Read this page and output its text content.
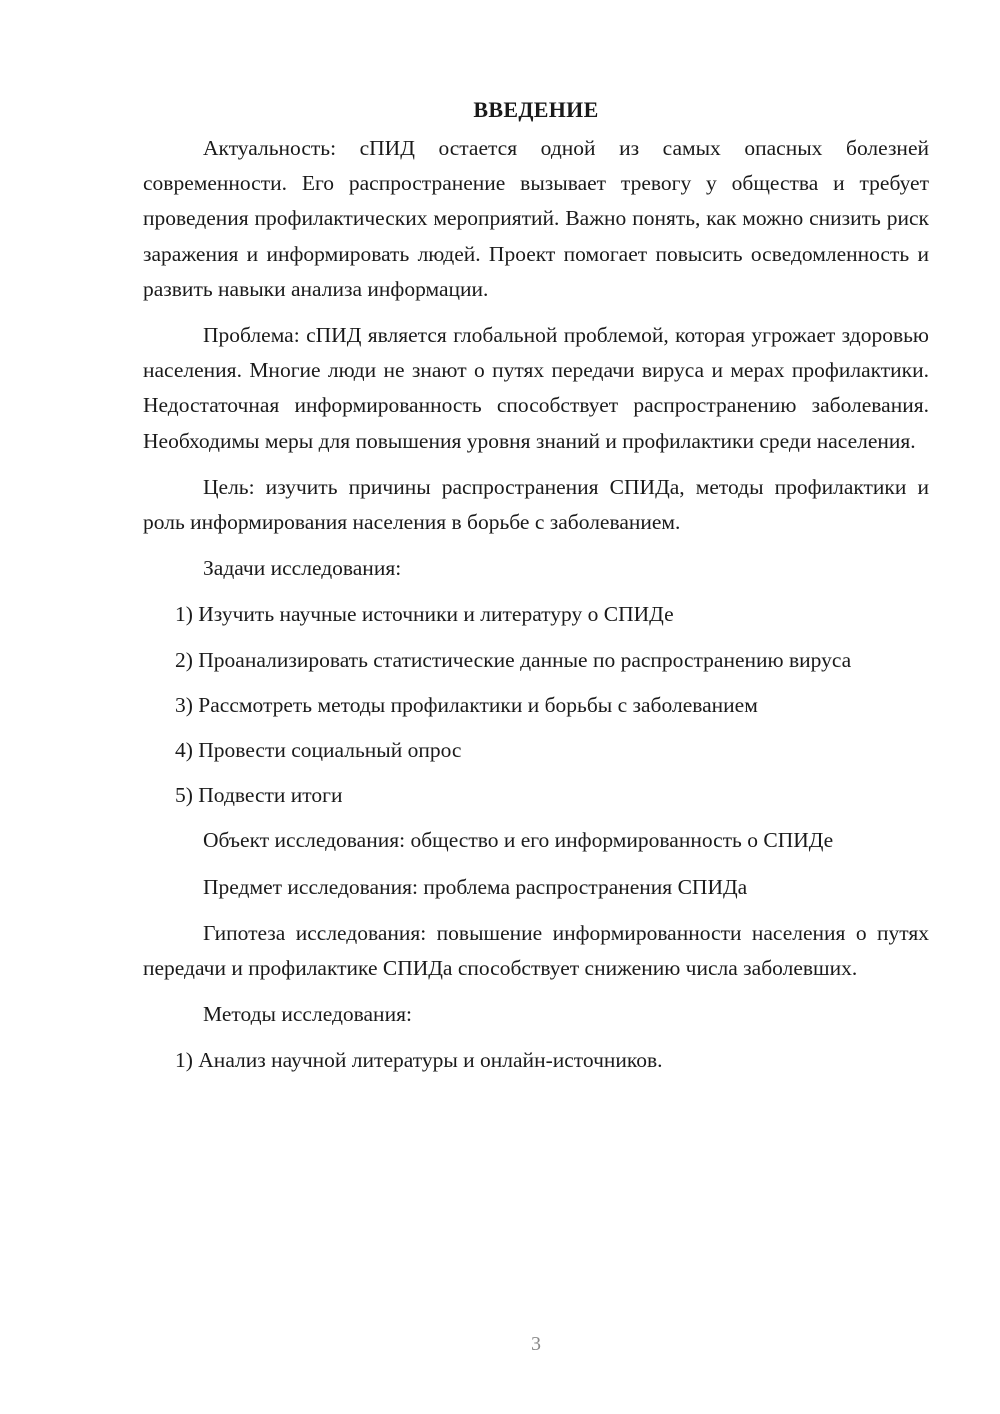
ВВЕДЕНИЕ

Актуальность: сПИД остается одной из самых опасных болезней современности. Его распространение вызывает тревогу у общества и требует проведения профилактических мероприятий. Важно понять, как можно снизить риск заражения и информировать людей. Проект помогает повысить осведомленность и развить навыки анализа информации.

Проблема: сПИД является глобальной проблемой, которая угрожает здоровью населения. Многие люди не знают о путях передачи вируса и мерах профилактики. Недостаточная информированность способствует распространению заболевания. Необходимы меры для повышения уровня знаний и профилактики среди населения.

Цель: изучить причины распространения СПИДа, методы профилактики и роль информирования населения в борьбе с заболеванием.

Задачи исследования:

1) Изучить научные источники и литературу о СПИДе

2) Проанализировать статистические данные по распространению вируса

3) Рассмотреть методы профилактики и борьбы с заболеванием

4) Провести социальный опрос

5) Подвести итоги

Объект исследования: общество и его информированность о СПИДе

Предмет исследования: проблема распространения СПИДа

Гипотеза исследования: повышение информированности населения о путях передачи и профилактике СПИДа способствует снижению числа заболевших.

Методы исследования:

1) Анализ научной литературы и онлайн-источников.

3
